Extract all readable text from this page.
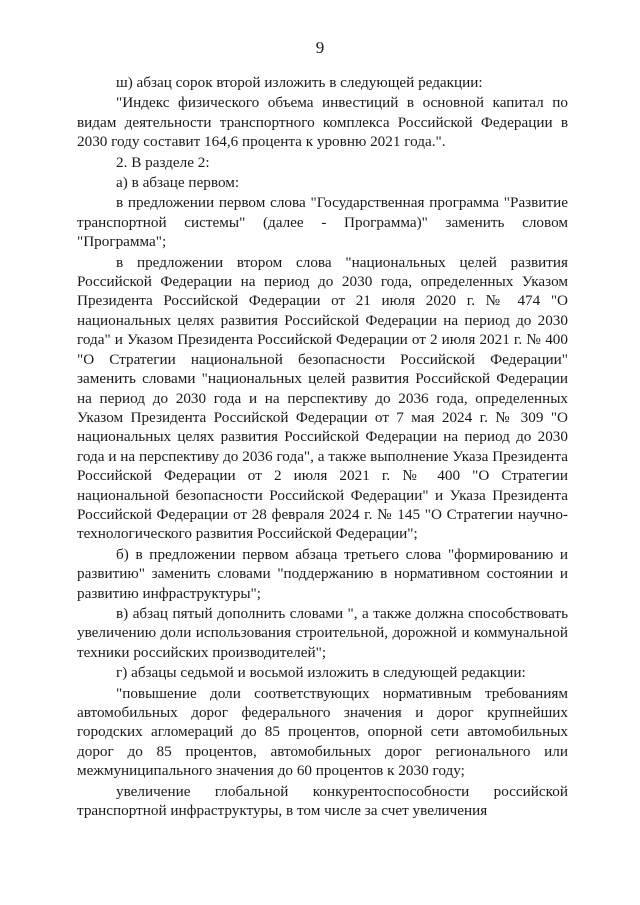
9

ш) абзац сорок второй изложить в следующей редакции:

"Индекс физического объема инвестиций в основной капитал по видам деятельности транспортного комплекса Российской Федерации в 2030 году составит 164,6 процента к уровню 2021 года.".

2. В разделе 2:

а) в абзаце первом:

в предложении первом слова "Государственная программа "Развитие транспортной системы" (далее - Программа)" заменить словом "Программа";

в предложении втором слова "национальных целей развития Российской Федерации на период до 2030 года, определенных Указом Президента Российской Федерации от 21 июля 2020 г. № 474 "О национальных целях развития Российской Федерации на период до 2030 года" и Указом Президента Российской Федерации от 2 июля 2021 г. № 400 "О Стратегии национальной безопасности Российской Федерации" заменить словами "национальных целей развития Российской Федерации на период до 2030 года и на перспективу до 2036 года, определенных Указом Президента Российской Федерации от 7 мая 2024 г. № 309 "О национальных целях развития Российской Федерации на период до 2030 года и на перспективу до 2036 года", а также выполнение Указа Президента Российской Федерации от 2 июля 2021 г. № 400 "О Стратегии национальной безопасности Российской Федерации" и Указа Президента Российской Федерации от 28 февраля 2024 г. № 145 "О Стратегии научно-технологического развития Российской Федерации";

б) в предложении первом абзаца третьего слова "формированию и развитию" заменить словами "поддержанию в нормативном состоянии и развитию инфраструктуры";

в) абзац пятый дополнить словами ", а также должна способствовать увеличению доли использования строительной, дорожной и коммунальной техники российских производителей";

г) абзацы седьмой и восьмой изложить в следующей редакции:

"повышение доли соответствующих нормативным требованиям автомобильных дорог федерального значения и дорог крупнейших городских агломераций до 85 процентов, опорной сети автомобильных дорог до 85 процентов, автомобильных дорог регионального или межмуниципального значения до 60 процентов к 2030 году;

увеличение глобальной конкурентоспособности российской транспортной инфраструктуры, в том числе за счет увеличения
